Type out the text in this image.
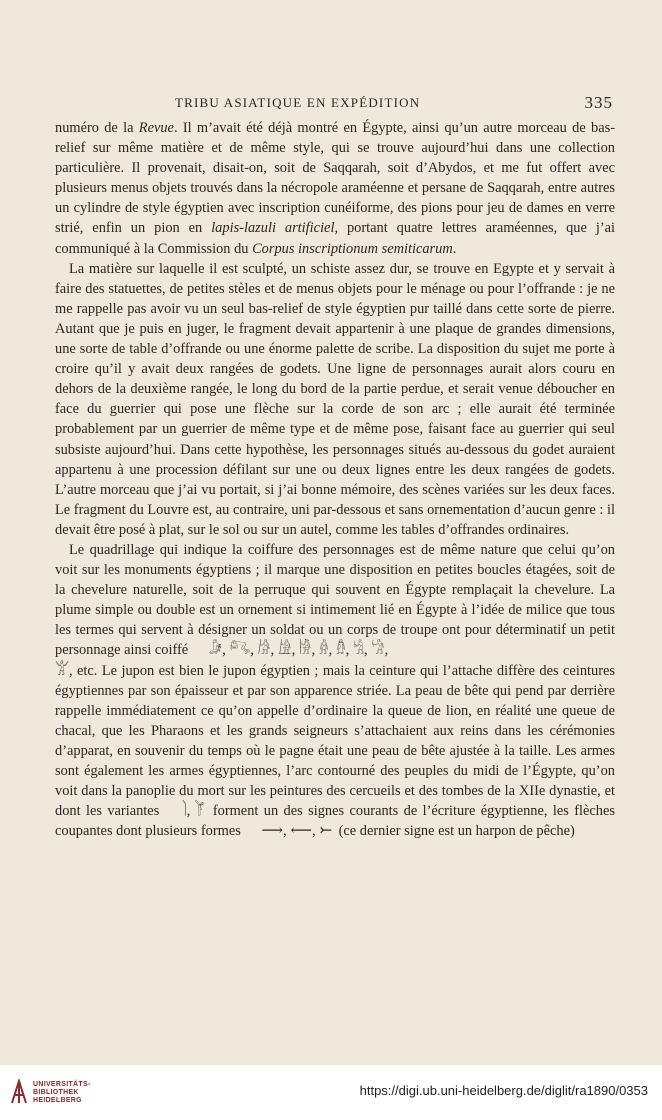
TRIBU ASIATIQUE EN EXPÉDITION	335

numéro de la Revue. Il m’avait été déjà montré en Égypte, ainsi qu’un autre morceau de bas-relief sur même matière et de même style, qui se trouve aujourd’hui dans une collection particulière. Il provenait, disait-on, soit de Saqqarah, soit d’Abydos, et me fut offert avec plusieurs menus objets trouvés dans la nécropole araméenne et persane de Saqqarah, entre autres un cylindre de style égyptien avec inscription cunéiforme, des pions pour jeu de dames en verre strié, enfin un pion en lapis-lazuli artificiel, portant quatre lettres araméennes, que j’ai communiqué à la Commission du Corpus inscriptionum semiticarum.

La matière sur laquelle il est sculpté, un schiste assez dur, se trouve en Egypte et y servait à faire des statuettes, de petites stèles et de menus objets pour le ménage ou pour l’offrande : je ne me rappelle pas avoir vu un seul bas-relief de style égyptien pur taillé dans cette sorte de pierre. Autant que je puis en juger, le fragment devait appartenir à une plaque de grandes dimensions, une sorte de table d’offrande ou une énorme palette de scribe. La disposition du sujet me porte à croire qu’il y avait deux rangées de godets. Une ligne de personnages aurait alors couru en dehors de la deuxième rangée, le long du bord de la partie perdue, et serait venue déboucher en face du guerrier qui pose une flèche sur la corde de son arc ; elle aurait été terminée probablement par un guerrier de même type et de même pose, faisant face au guerrier qui seul subsiste aujourd’hui. Dans cette hypothèse, les personnages situés au-dessous du godet auraient appartenu à une procession défilant sur une ou deux lignes entre les deux rangées de godets. L’autre morceau que j’ai vu portait, si j’ai bonne mémoire, des scènes variées sur les deux faces. Le fragment du Louvre est, au contraire, uni par-dessous et sans ornementation d’aucun genre : il devait être posé à plat, sur le sol ou sur un autel, comme les tables d’offrandes ordinaires.

Le quadrillage qui indique la coiffure des personnages est de même nature que celui qu’on voit sur les monuments égyptiens ; il marque une disposition en petites boucles étagées, soit de la chevelure naturelle, soit de la perruque qui souvent en Égypte remplaçait la chevelure. La plume simple ou double est un ornement si intimement lié en Égypte à l’idée de milice que tous les termes qui servent à désigner un soldat ou un corps de troupe ont pour déterminatif un petit personnage ainsi coiffé 𓀏, 𓀐, 𓀙, 𓀚, 𓀛, 𓁆, 𓁇, 𓀜, 𓀝,
𓀠, etc. Le jupon est bien le jupon égyptien ; mais la ceinture qui l’attache diffère des ceintures égyptiennes par son épaisseur et par son apparence striée. La peau de bête qui pend par derrière rappelle immédiatement ce qu’on appelle d’ordinaire la queue de lion, en réalité une queue de chacal, que les Pharaons et les grands seigneurs s’attachaient aux reins dans les cérémonies d’apparat, en souvenir du temps où le pagne était une peau de bête ajustée à la taille. Les armes sont également les armes égyptiennes, l’arc contourné des peuples du midi de l’Égypte, qu’on voit dans la panoplie du mort sur les peintures des cercueils et des tombes de la XIIe dynastie, et dont les variantes 𓌙, 𓌘 forment un des signes courants de l’écriture égyptienne, les flèches coupantes dont plusieurs formes ⟶, ⟵, ⤚ (ce dernier signe est un harpon de pêche)

UNIVERSITÄTS-
BIBLIOTHEK
HEIDELBERG
https://digi.ub.uni-heidelberg.de/diglit/ra1890/0353
